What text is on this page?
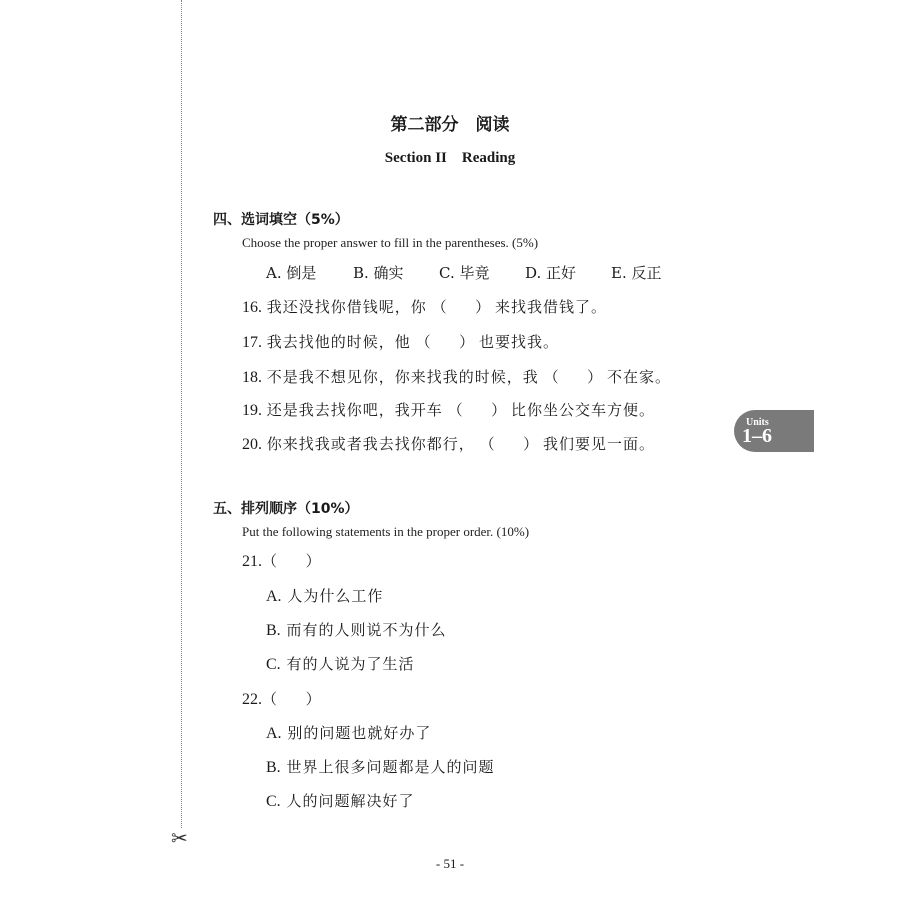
✂
第二部分　阅读
Section II　Reading
四、选词填空（5%）
Choose the proper answer to fill in the parentheses. (5%)
A. 倒是 B. 确实 C. 毕竟 D. 正好 E. 反正
16. 我还没找你借钱呢，你 （      ） 来找我借钱了。
17. 我去找他的时候，他 （      ） 也要找我。
18. 不是我不想见你，你来找我的时候，我 （      ） 不在家。
19. 还是我去找你吧，我开车 （      ） 比你坐公交车方便。
20. 你来找我或者我去找你都行， （      ） 我们要见一面。
Units
1–6
五、排列顺序（10%）
Put the following statements in the proper order. (10%)
21.（      ）
A. 人为什么工作
B. 而有的人则说不为什么
C. 有的人说为了生活
22.（      ）
A. 别的问题也就好办了
B. 世界上很多问题都是人的问题
C. 人的问题解决好了
- 51 -
